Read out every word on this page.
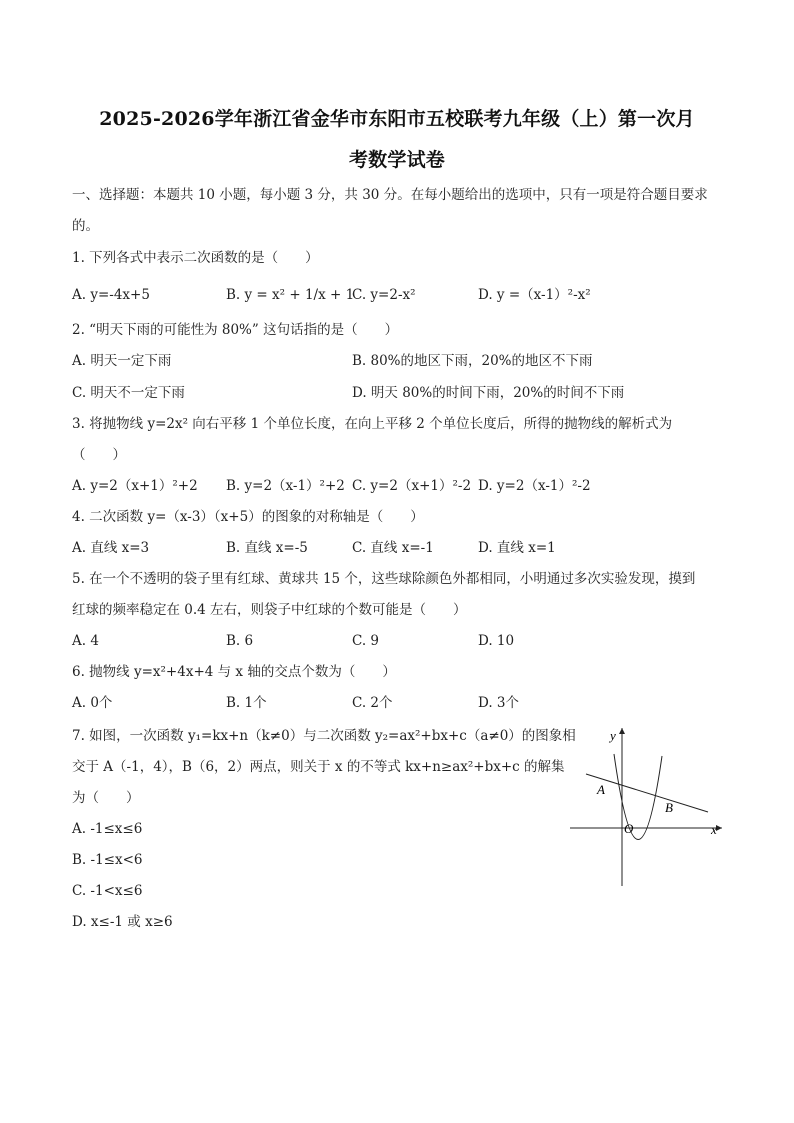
2025-2026学年浙江省金华市东阳市五校联考九年级（上）第一次月
考数学试卷
一、选择题：本题共 10 小题，每小题 3 分，共 30 分。在每小题给出的选项中，只有一项是符合题目要求
的。
1. 下列各式中表示二次函数的是（　　）
A. y=-4x+5	B. y = x² + 1/x + 1
C. y=2-x²	D. y =（x-1）²-x²
2. “明天下雨的可能性为 80%” 这句话指的是（　　）
A. 明天一定下雨	B. 80%的地区下雨，20%的地区不下雨
C. 明天不一定下雨	D. 明天 80%的时间下雨，20%的时间不下雨
3. 将抛物线 y=2x² 向右平移 1 个单位长度，在向上平移 2 个单位长度后，所得的抛物线的解析式为
（　　）
A. y=2（x+1）²+2 B. y=2（x-1）²+2 C. y=2（x+1）²-2 D. y=2（x-1）²-2
4. 二次函数 y=（x-3）（x+5）的图象的对称轴是（　　）
A. 直线 x=3	B. 直线 x=-5	C. 直线 x=-1	D. 直线 x=1
5. 在一个不透明的袋子里有红球、黄球共 15 个，这些球除颜色外都相同，小明通过多次实验发现，摸到
红球的频率稳定在 0.4 左右，则袋子中红球的个数可能是（　　）
A. 4	B. 6	C. 9	D. 10
6. 抛物线 y=x²+4x+4 与 x 轴的交点个数为（　　）
A. 0个	B. 1个	C. 2个	D. 3个
7. 如图，一次函数 y₁=kx+n（k≠0）与二次函数 y₂=ax²+bx+c（a≠0）的图象相
交于 A（-1，4），B（6，2）两点，则关于 x 的不等式 kx+n≥ax²+bx+c 的解集
为（　　）
A. -1≤x≤6
B. -1≤x<6
C. -1<x≤6
D. x≤-1 或 x≥6
y
x
O
A
B
